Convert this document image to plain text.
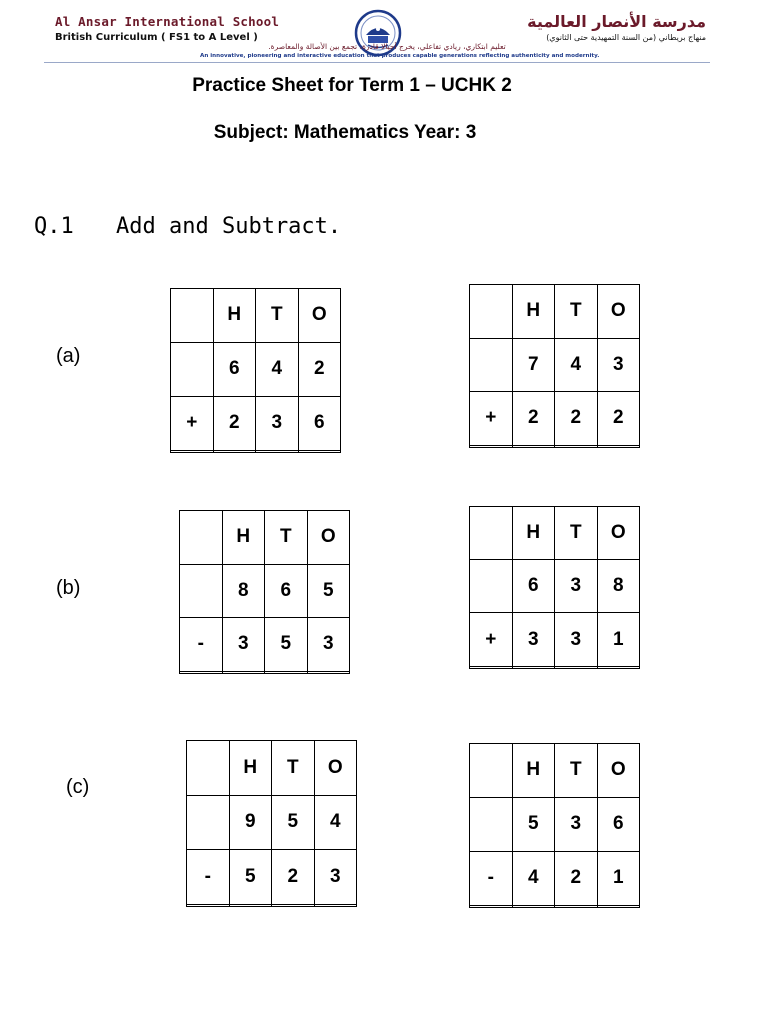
Al Ansar International School
British Curriculum ( FS1 to A Level )
مدرسة الأنصار العالمية
منهاج بريطاني (من السنة التمهيدية حتى الثانوي)
تعليم ابتكاري، ريادي تفاعلي، يخرج أجيالا قادرة، تجمع بين الأصالة والمعاصرة.
An innovative, pioneering and interactive education that produces capable generations reflecting authenticity and modernity.
Practice Sheet for Term 1 – UCHK 2
Subject: Mathematics Year: 3
Q.1 Add and Subtract.
(a)
(b)
(c)
	H	T	O
	6	4	2
+	2	3	6

	H	T	O
	7	4	3
+	2	2	2

	H	T	O
	8	6	5
-	3	5	3

	H	T	O
	6	3	8
+	3	3	1

	H	T	O
	9	5	4
-	5	2	3

	H	T	O
	5	3	6
-	4	2	1
